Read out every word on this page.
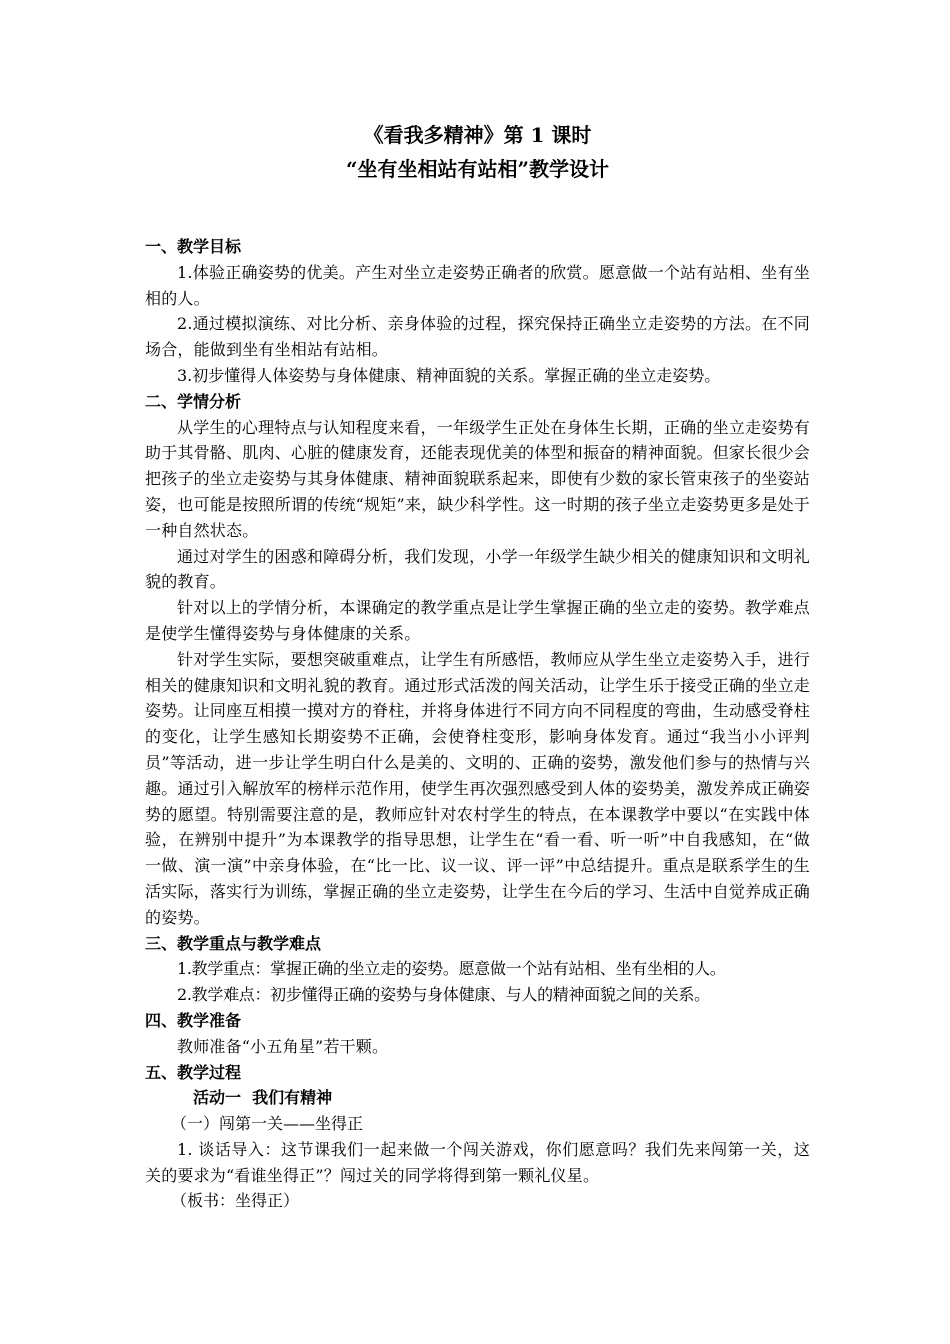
《看我多精神》第 1 课时

“坐有坐相站有站相”教学设计

一、教学目标

1.体验正确姿势的优美。产生对坐立走姿势正确者的欣赏。愿意做一个站有站相、坐有坐相的人。

2.通过模拟演练、对比分析、亲身体验的过程，探究保持正确坐立走姿势的方法。在不同场合，能做到坐有坐相站有站相。

3.初步懂得人体姿势与身体健康、精神面貌的关系。掌握正确的坐立走姿势。

二、学情分析

从学生的心理特点与认知程度来看，一年级学生正处在身体生长期，正确的坐立走姿势有助于其骨骼、肌肉、心脏的健康发育，还能表现优美的体型和振奋的精神面貌。但家长很少会把孩子的坐立走姿势与其身体健康、精神面貌联系起来，即使有少数的家长管束孩子的坐姿站姿，也可能是按照所谓的传统“规矩”来，缺少科学性。这一时期的孩子坐立走姿势更多是处于一种自然状态。

通过对学生的困惑和障碍分析，我们发现，小学一年级学生缺少相关的健康知识和文明礼貌的教育。

针对以上的学情分析，本课确定的教学重点是让学生掌握正确的坐立走的姿势。教学难点是使学生懂得姿势与身体健康的关系。

针对学生实际，要想突破重难点，让学生有所感悟，教师应从学生坐立走姿势入手，进行相关的健康知识和文明礼貌的教育。通过形式活泼的闯关活动，让学生乐于接受正确的坐立走姿势。让同座互相摸一摸对方的脊柱，并将身体进行不同方向不同程度的弯曲，生动感受脊柱的变化，让学生感知长期姿势不正确，会使脊柱变形，影响身体发育。通过“我当小小评判员”等活动，进一步让学生明白什么是美的、文明的、正确的姿势，激发他们参与的热情与兴趣。通过引入解放军的榜样示范作用，使学生再次强烈感受到人体的姿势美，激发养成正确姿势的愿望。特别需要注意的是，教师应针对农村学生的特点，在本课教学中要以“在实践中体验，在辨别中提升”为本课教学的指导思想，让学生在“看一看、听一听”中自我感知，在“做一做、演一演”中亲身体验，在“比一比、议一议、评一评”中总结提升。重点是联系学生的生活实际，落实行为训练，掌握正确的坐立走姿势，让学生在今后的学习、生活中自觉养成正确的姿势。

三、教学重点与教学难点

1.教学重点：掌握正确的坐立走的姿势。愿意做一个站有站相、坐有坐相的人。

2.教学难点：初步懂得正确的姿势与身体健康、与人的精神面貌之间的关系。

四、教学准备

教师准备“小五角星”若干颗。

五、教学过程

活动一  我们有精神

（一）闯第一关——坐得正

1. 谈话导入：这节课我们一起来做一个闯关游戏，你们愿意吗？我们先来闯第一关，这关的要求为“看谁坐得正”？闯过关的同学将得到第一颗礼仪星。

（板书：坐得正）
